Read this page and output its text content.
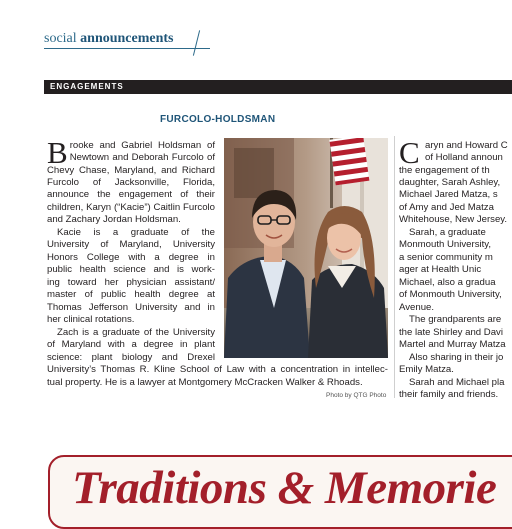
social announcements
ENGAGEMENTS
FURCOLO-HOLDSMAN
B rooke and Gabriel Holdsman of
Newtown and Deborah Furcolo of
Chevy Chase, Maryland, and Richard
Furcolo of Jacksonville, Florida,
announce the engagement of their
children, Karyn (“Kacie”) Caitlin Furcolo
and Zachary Jordan Holdsman.
Kacie is a graduate of the
University of Maryland, University
Honors College with a degree in
public health science and is work-
ing toward her physician assistant/
master of public health degree at
Thomas Jefferson University and in
her clinical rotations.
Zach is a graduate of the University
of Maryland with a degree in plant
science: plant biology and Drexel
University’s Thomas R. Kline School of Law with a concentration in intellec-
tual property. He is a lawyer at Montgomery McCracken Walker & Rhoads.
Photo by QTG Photo
C aryn and Howard C
of Holland announ
the engagement of th
daughter, Sarah Ashley,
Michael Jared Matza, s
of Amy and Jed Matza
Whitehouse, New Jersey.
Sarah, a graduate
Monmouth University,
a senior community m
ager at Health Unic
Michael, also a gradua
of Monmouth University,
Avenue.
The grandparents are
the late Shirley and Davi
Martel and Murray Matza
Also sharing in their jo
Emily Matza.
Sarah and Michael pla
their family and friends.
Traditions & Memorie
